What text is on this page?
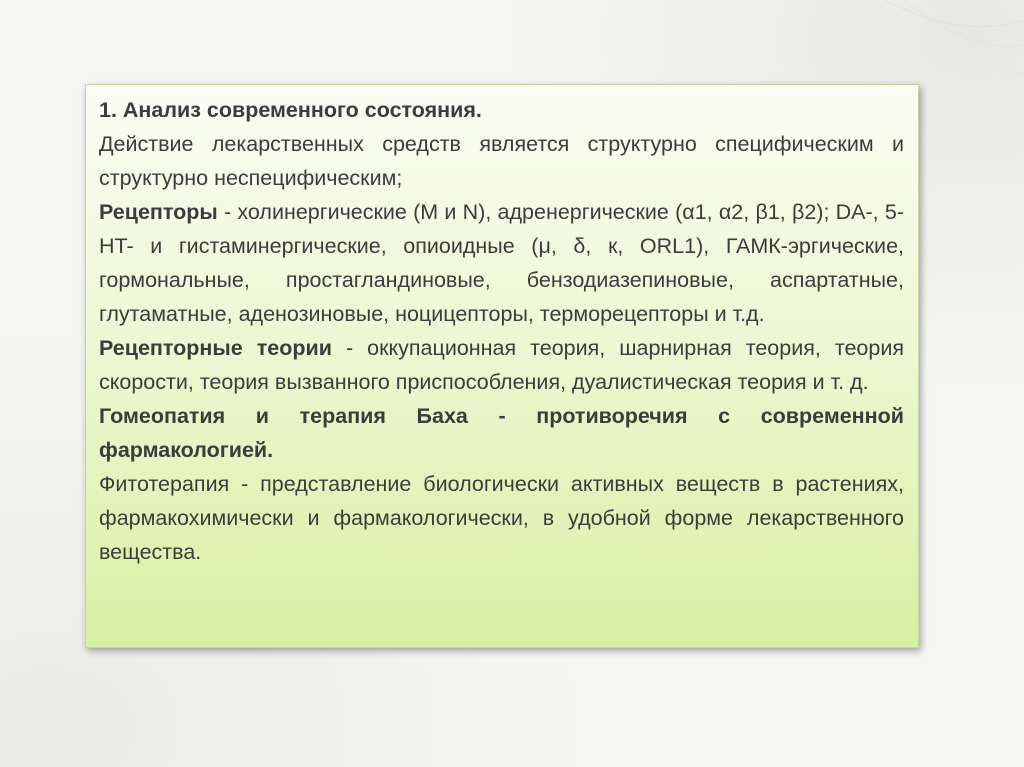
1. Анализ современного состояния.

Действие лекарственных средств является структурно специфическим и структурно неспецифическим;

Рецепторы - холинергические (М и N), адренергические (α1, α2, β1, β2); DA-, 5-HT- и гистаминергические, опиоидные (μ, δ, к, ORL1), ГАМК-эргические, гормональные, простагландиновые, бензодиазепиновые, аспартатные, глутаматные, аденозиновые, ноцицепторы, терморецепторы и т.д.

Рецепторные теории - оккупационная теория, шарнирная теория, теория скорости, теория вызванного приспособления, дуалистическая теория и т. д.

Гомеопатия и терапия Баха - противоречия с современной фармакологией.

Фитотерапия - представление биологически активных веществ в растениях, фармакохимически и фармакологически, в удобной форме лекарственного вещества.
